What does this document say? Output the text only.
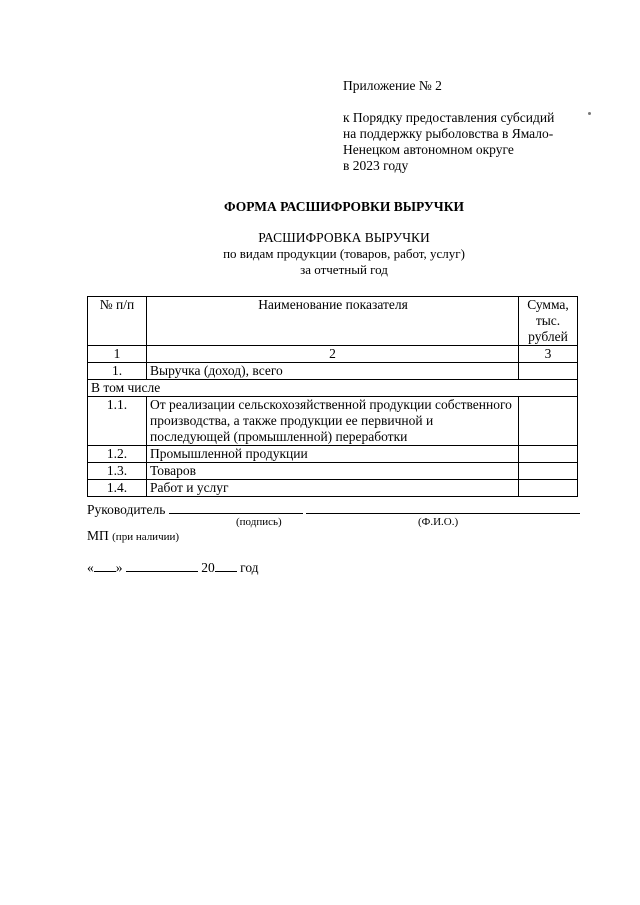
Приложение № 2
к Порядку предоставления субсидий
на поддержку рыболовства в Ямало-
Ненецком автономном округе
в 2023 году
ФОРМА РАСШИФРОВКИ ВЫРУЧКИ
РАСШИФРОВКА ВЫРУЧКИ
по видам продукции (товаров, работ, услуг)
за отчетный год
№ п/п	Наименование показателя	Сумма, тыс. рублей
1	2	3
1.	Выручка (доход), всего	
В том числе		
1.1.	От реализации сельскохозяйственной продукции собственного производства, а также продукции ее первичной и последующей (промышленной) переработки	
1.2.	Промышленной продукции	
1.3.	Товаров	
1.4.	Работ и услуг	
Руководитель
(подпись)	(Ф.И.О.)
МП (при наличии)
« »	20 год
